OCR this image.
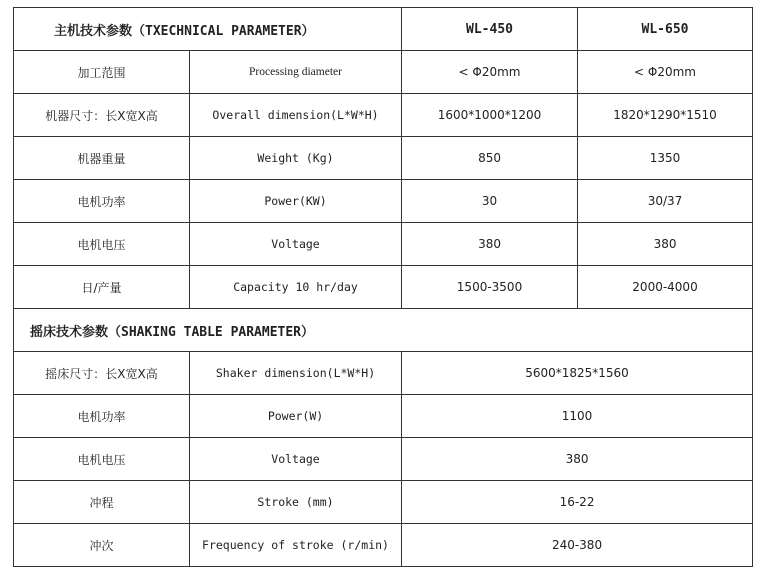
主机技术参数（TXECHNICAL PARAMETER）		WL-450	WL-650
加工范围	Processing diameter	< Φ20mm	< Φ20mm
机器尺寸：长X宽X高	Overall dimension(L*W*H)	1600*1000*1200	1820*1290*1510
机器重量	Weight (Kg)	850	1350
电机功率	Power(KW)	30	30/37
电机电压	Voltage	380	380
日/产量	Capacity 10 hr/day	1500-3500	2000-4000
摇床技术参数（SHAKING TABLE PARAMETER）			
摇床尺寸：长X宽X高	Shaker dimension(L*W*H)	5600*1825*1560	
电机功率	Power(W)	1100	
电机电压	Voltage	380	
冲程	Stroke (mm)	16-22	
冲次	Frequency of stroke (r/min)	240-380	
